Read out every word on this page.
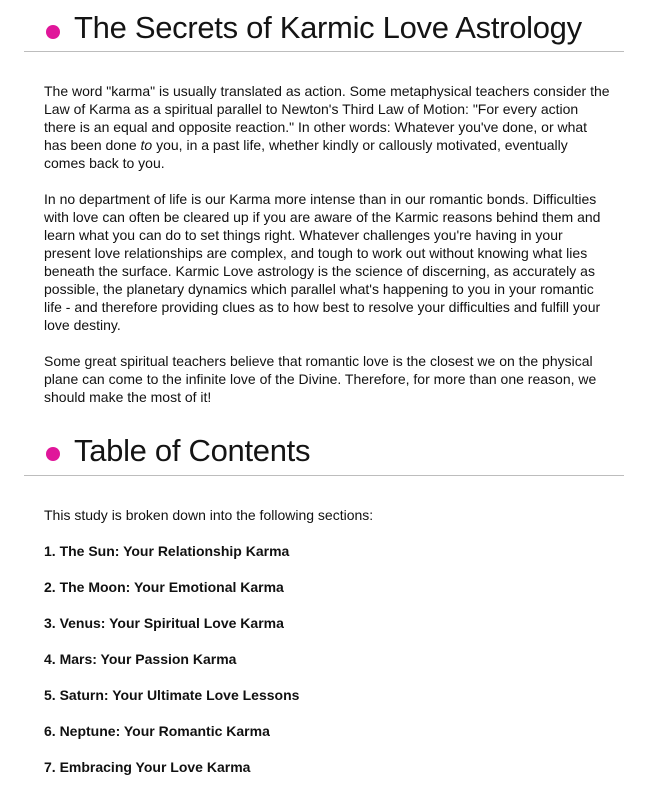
The Secrets of Karmic Love Astrology

The word "karma" is usually translated as action. Some metaphysical teachers consider the Law of Karma as a spiritual parallel to Newton's Third Law of Motion: "For every action there is an equal and opposite reaction." In other words: Whatever you've done, or what has been done to you, in a past life, whether kindly or callously motivated, eventually comes back to you.

In no department of life is our Karma more intense than in our romantic bonds. Difficulties with love can often be cleared up if you are aware of the Karmic reasons behind them and learn what you can do to set things right. Whatever challenges you're having in your present love relationships are complex, and tough to work out without knowing what lies beneath the surface. Karmic Love astrology is the science of discerning, as accurately as possible, the planetary dynamics which parallel what's happening to you in your romantic life - and therefore providing clues as to how best to resolve your difficulties and fulfill your love destiny.

Some great spiritual teachers believe that romantic love is the closest we on the physical plane can come to the infinite love of the Divine. Therefore, for more than one reason, we should make the most of it!

Table of Contents

This study is broken down into the following sections:

1. The Sun: Your Relationship Karma
2. The Moon: Your Emotional Karma
3. Venus: Your Spiritual Love Karma
4. Mars: Your Passion Karma
5. Saturn: Your Ultimate Love Lessons
6. Neptune: Your Romantic Karma
7. Embracing Your Love Karma
